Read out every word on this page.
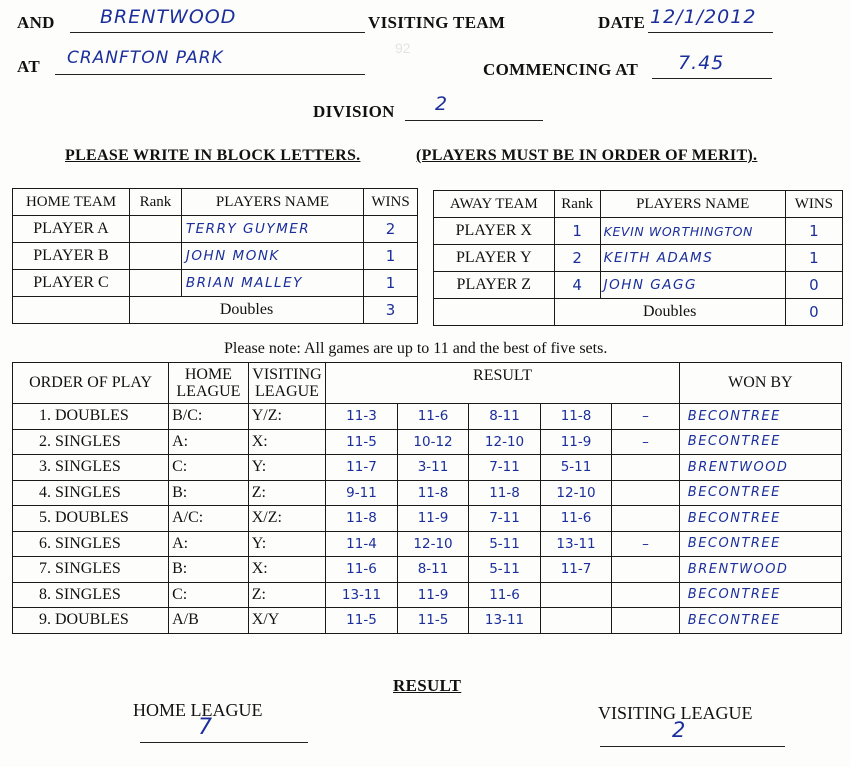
92
AND BRENTWOOD	VISITING TEAM	DATE 12/1/2012
AT CRANFTON PARK
COMMENCING AT 7.45
DIVISION 2
PLEASE WRITE IN BLOCK LETTERS.	(PLAYERS MUST BE IN ORDER OF MERIT).
HOME TEAM	Rank	PLAYERS NAME	WINS
PLAYER A		TERRY GUYMER	2
PLAYER B		JOHN MONK	1
PLAYER C		BRIAN MALLEY	1
	Doubles		3
AWAY TEAM	Rank	PLAYERS NAME	WINS
PLAYER X	1	KEVIN WORTHINGTON	1
PLAYER Y	2	KEITH ADAMS	1
PLAYER Z	4	JOHN GAGG	0
	Doubles		0
Please note: All games are up to 11 and the best of five sets.
ORDER OF PLAY	HOME LEAGUE	VISITING LEAGUE	RESULT					WON BY
1. DOUBLES	B/C:	Y/Z:	11-3	11-6	8-11	11-8	–	BECONTREE
2. SINGLES	A:	X:	11-5	10-12	12-10	11-9	–	BECONTREE
3. SINGLES	C:	Y:	11-7	3-11	7-11	5-11		BRENTWOOD
4. SINGLES	B:	Z:	9-11	11-8	11-8	12-10		BECONTREE
5. DOUBLES	A/C:	X/Z:	11-8	11-9	7-11	11-6		BECONTREE
6. SINGLES	A:	Y:	11-4	12-10	5-11	13-11	–	BECONTREE
7. SINGLES	B:	X:	11-6	8-11	5-11	11-7		BRENTWOOD
8. SINGLES	C:	Z:	13-11	11-9	11-6			BECONTREE
9. DOUBLES	A/B	X/Y	11-5	11-5	13-11			BECONTREE
RESULT
HOME LEAGUE
7
VISITING LEAGUE
2
